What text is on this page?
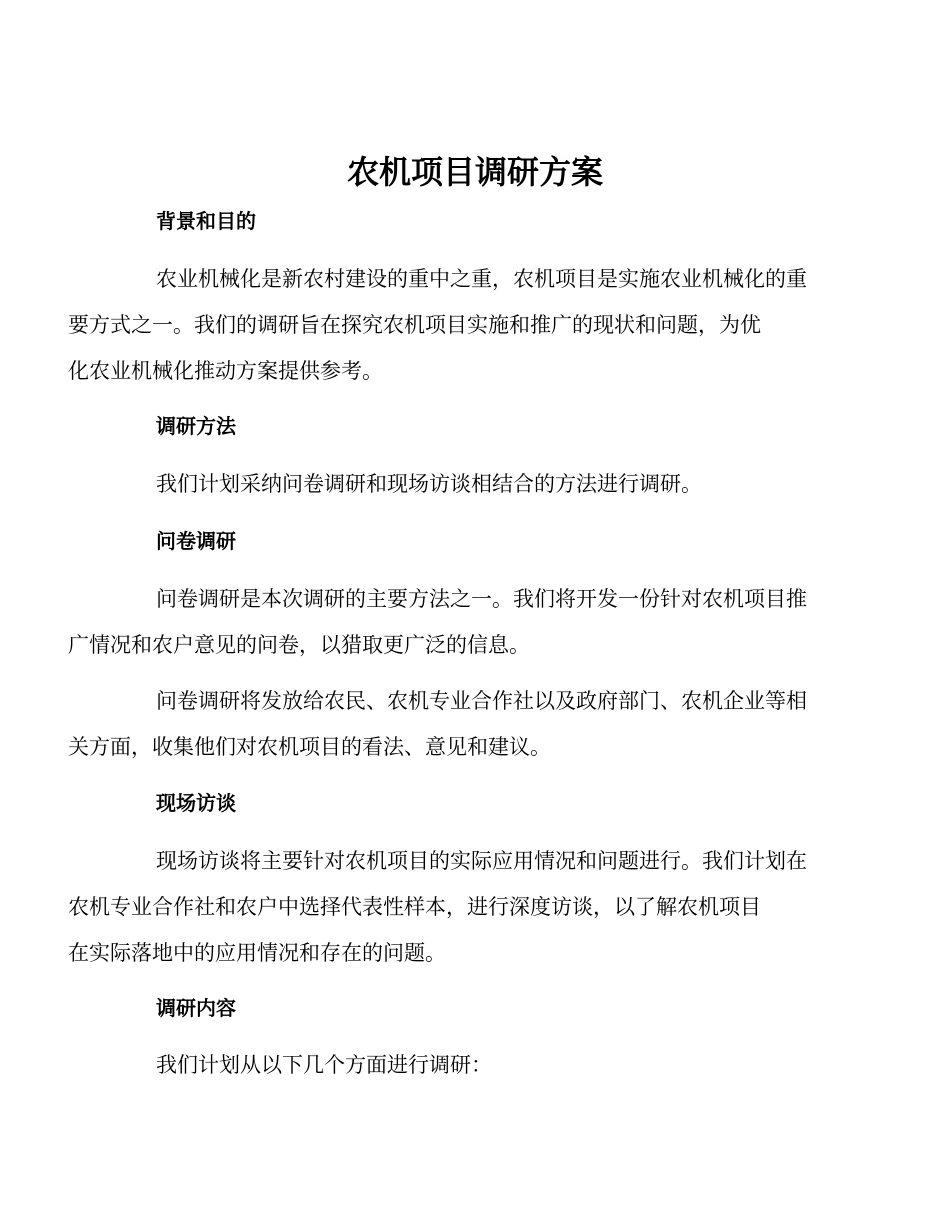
农机项目调研方案
背景和目的
农业机械化是新农村建设的重中之重，农机项目是实施农业机械化的重
要方式之一。我们的调研旨在探究农机项目实施和推广的现状和问题，为优
化农业机械化推动方案提供参考。
调研方法
我们计划采纳问卷调研和现场访谈相结合的方法进行调研。
问卷调研
问卷调研是本次调研的主要方法之一。我们将开发一份针对农机项目推
广情况和农户意见的问卷，以猎取更广泛的信息。
问卷调研将发放给农民、农机专业合作社以及政府部门、农机企业等相
关方面，收集他们对农机项目的看法、意见和建议。
现场访谈
现场访谈将主要针对农机项目的实际应用情况和问题进行。我们计划在
农机专业合作社和农户中选择代表性样本，进行深度访谈，以了解农机项目
在实际落地中的应用情况和存在的问题。
调研内容
我们计划从以下几个方面进行调研：
